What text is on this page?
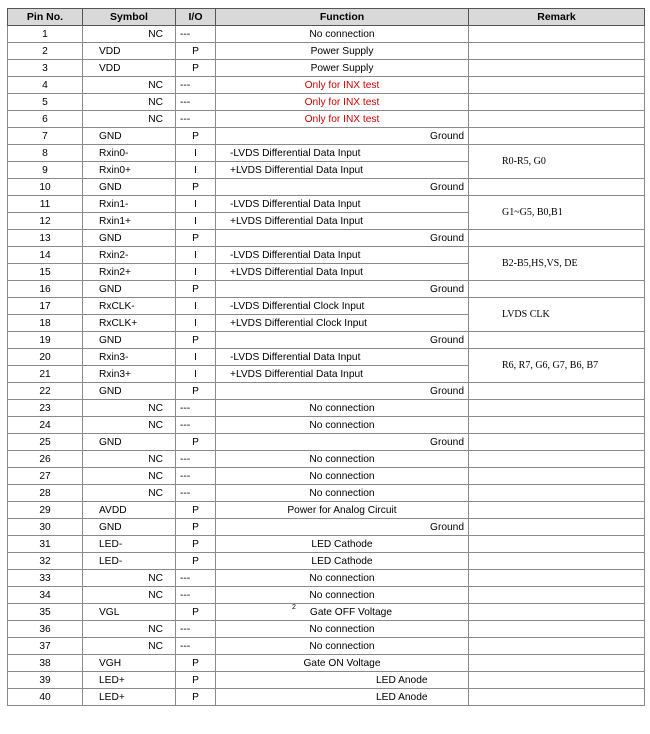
Pin No.	Symbol	I/O	Function	Remark
1	NC	---	No connection	
2	VDD	P	Power Supply	
3	VDD	P	Power Supply	
4	NC	---	Only for INX test	
5	NC	---	Only for INX test	
6	NC	---	Only for INX test	
7	GND	P	Ground	
8	Rxin0-	I	-LVDS Differential Data Input	R0-R5, G0
9	Rxin0+	I	+LVDS Differential Data Input	
10	GND	P	Ground	
11	Rxin1-	I	-LVDS Differential Data Input	G1~G5, B0,B1
12	Rxin1+	I	+LVDS Differential Data Input	
13	GND	P	Ground	
14	Rxin2-	I	-LVDS Differential Data Input	B2-B5,HS,VS, DE
15	Rxin2+	I	+LVDS Differential Data Input	
16	GND	P	Ground	
17	RxCLK-	I	-LVDS Differential Clock Input	LVDS CLK
18	RxCLK+	I	+LVDS Differential Clock Input	
19	GND	P	Ground	
20	Rxin3-	I	-LVDS Differential Data Input	R6, R7, G6, G7, B6, B7
21	Rxin3+	I	+LVDS Differential Data Input	
22	GND	P	Ground	
23	NC	---	No connection	
24	NC	---	No connection	
25	GND	P	Ground	
26	NC	---	No connection	
27	NC	---	No connection	
28	NC	---	No connection	
29	AVDD	P	Power for Analog Circuit	
30	GND	P	Ground	
31	LED-	P	LED Cathode	
32	LED-	P	LED Cathode	
33	NC	---	No connection	
34	NC	---	No connection	
35	VGL	P	$^2$ Gate OFF Voltage	
36	NC	---	No connection	
37	NC	---	No connection	
38	VGH	P	Gate ON Voltage	
39	LED+	P	LED Anode	
40	LED+	P	LED Anode	
